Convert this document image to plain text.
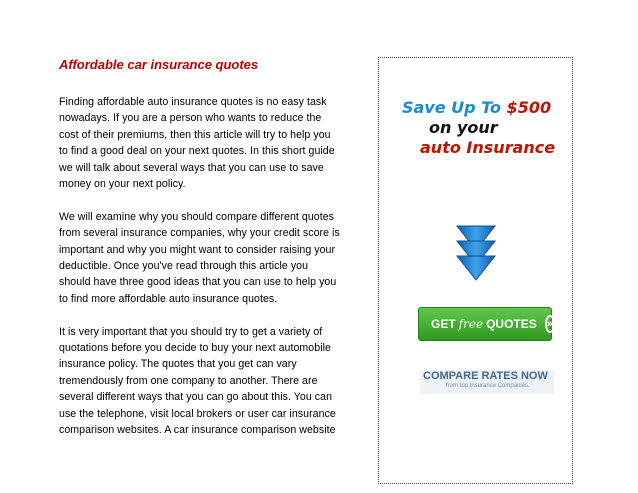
Affordable car insurance quotes

Finding affordable auto insurance quotes is no easy task
nowadays. If you are a person who wants to reduce the
cost of their premiums, then this article will try to help you
to find a good deal on your next quotes. In this short guide
we will talk about several ways that you can use to save
money on your next policy.

We will examine why you should compare different quotes
from several insurance companies, why your credit score is
important and why you might want to consider raising your
deductible. Once you've read through this article you
should have three good ideas that you can use to help you
to find more affordable auto insurance quotes.

It is very important that you should try to get a variety of
quotations before you decide to buy your next automobile
insurance policy. The quotes that you get can vary
tremendously from one company to another. There are
several different ways that you can go about this. You can
use the telephone, visit local brokers or user car insurance
comparison websites. A car insurance comparison website

Save Up To $500
on your
auto Insurance
GET free QUOTES »
COMPARE RATES NOW
from top Insurance Companies.
